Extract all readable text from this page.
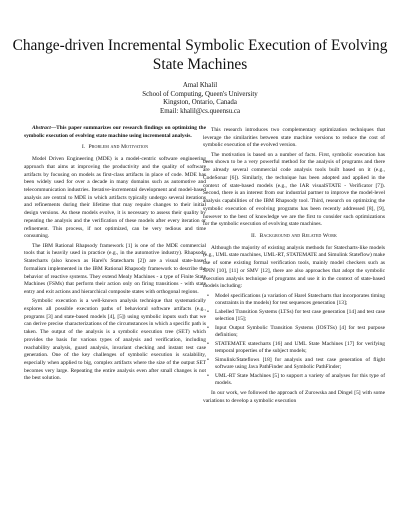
Change-driven Incremental Symbolic Execution of Evolving State Machines
Amal Khalil
School of Computing, Queen's University
Kingston, Ontario, Canada
Email: khalil@cs.queensu.ca

Abstract—This paper summarizes our research findings on optimizing the symbolic execution of evolving state machine using incremental analysis.

I. Problem and Motivation

Model Driven Engineering (MDE) is a model-centric software engineering approach that aims at improving the productivity and the quality of software artifacts by focusing on models as first-class artifacts in place of code. MDE has been widely used for over a decade in many domains such as automotive and telecommunication industries. Iterative-incremental development and model-based analysis are central to MDE in which artifacts typically undergo several iterations and refinements during their lifetime that may require changes to their initial design versions. As these models evolve, it is necessary to assess their quality by repeating the analysis and the verification of these models after every iteration or refinement. This process, if not optimized, can be very tedious and time consuming.

The IBM Rational Rhapsody framework [1] is one of the MDE commercial tools that is heavily used in practice (e.g., in the automotive industry). Rhapsody Statecharts (also known as Harel's Statecharts [2]) are a visual state-based formalism implemented in the IBM Rational Rhapsody framework to describe the behavior of reactive systems. They extend Mealy Machines - a type of Finite State Machines (FSMs) that perform their action only on firing transitions - with state entry and exit actions and hierarchical composite states with orthogonal regions.

Symbolic execution is a well-known analysis technique that systematically explores all possible execution paths of behavioral software artifacts (e.g., programs [3] and state-based models [4], [5]) using symbolic inputs such that we can derive precise characterizations of the circumstances in which a specific path is taken. The output of the analysis is a symbolic execution tree (SET) which provides the basis for various types of analysis and verification, including reachability analysis, guard analysis, invariant checking and instant test case generation. One of the key challenges of symbolic execution is scalability, especially when applied to big, complex artifacts where the size of the output SET becomes very large. Repeating the entire analysis even after small changes is not the best solution.

This research introduces two complementary optimization techniques that leverage the similarities between state machine versions to reduce the cost of symbolic execution of the evolved version.

The motivation is based on a number of facts. First, symbolic execution has been shown to be a very powerful method for the analysis of programs and there are already several commercial code analysis tools built based on it (e.g., CodeSonar [6]). Similarly, the technique has been adopted and applied in the context of state-based models (e.g., the IAR visualSTATE - Verificator [7]). Second, there is an interest from our industrial partner to improve the model-level analysis capabilities of the IBM Rhapsody tool. Third, research on optimizing the symbolic execution of evolving programs has been recently addressed [8], [9], however to the best of knowledge we are the first to consider such optimizations for the symbolic execution of evolving state machines.

II. Background and Related Work

Although the majority of existing analysis methods for Statecharts-like models (e.g., UML state machines, UML-RT, STATEMATE and Simulink Stateflow) make use of some existing formal verification tools, mainly model checkers such as SPIN [10], [11] or SMV [12], there are also approaches that adopt the symbolic execution analysis technique of programs and use it in the context of state-based models including:

• Model specifications (a variation of Harel Statecharts that incorporates timing constraints in the models) for test sequences generation [13];
• Labelled Transition Systems (LTSs) for test case generation [14] and test case selection [15];
• Input Output Symbolic Transition Systems (IOSTSs) [4] for test purpose definition;
• STATEMATE statecharts [16] and UML State Machines [17] for verifying temporal properties of the subject models;
• Simulink/Stateflows [18] for analysis and test case generation of flight software using Java PathFinder and Symbolic PathFinder;
• UML-RT State Machines [5] to support a variety of analyses for this type of models.

In our work, we followed the approach of Zurowska and Dingel [5] with some variations to develop a symbolic execution
